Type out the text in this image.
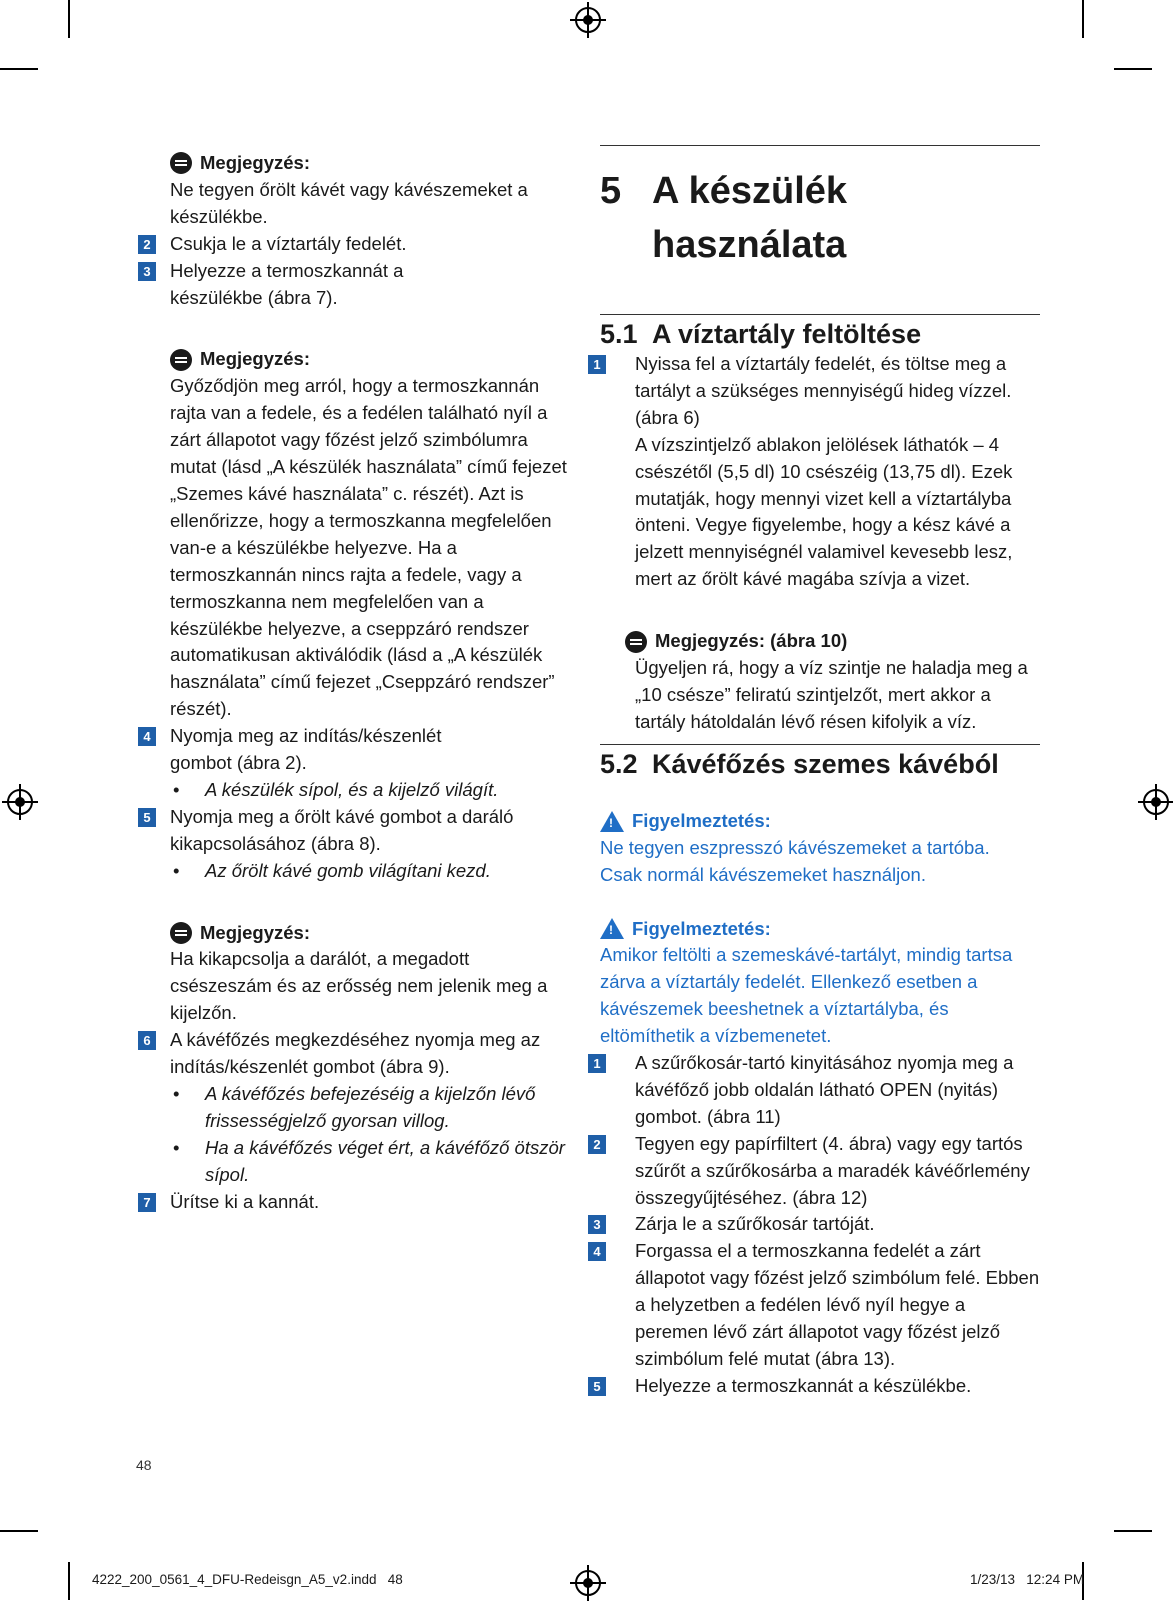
Megjegyzés:
Ne tegyen őrölt kávét vagy kávészemeket a készülékbe.
2 Csukja le a víztartály fedelét.
3 Helyezze a termoszkannát a készülékbe (ábra 7).
Megjegyzés:
Győződjön meg arról, hogy a termoszkannán rajta van a fedele, és a fedélen található nyíl a zárt állapotot vagy főzést jelző szimbólumra mutat (lásd „A készülék használata” című fejezet „Szemes kávé használata” c. részét). Azt is ellenőrizze, hogy a termoszkanna megfelelően van-e a készülékbe helyezve. Ha a termoszkannán nincs rajta a fedele, vagy a termoszkanna nem megfelelően van a készülékbe helyezve, a cseppzáró rendszer automatikusan aktiválódik (lásd a „A készülék használata” című fejezet „Cseppzáró rendszer” részét).
4 Nyomja meg az indítás/készenlét gombot (ábra 2).
• A készülék sípol, és a kijelző világít.
5 Nyomja meg a őrölt kávé gombot a daráló kikapcsolásához (ábra 8).
• Az őrölt kávé gomb világítani kezd.
Megjegyzés:
Ha kikapcsolja a darálót, a megadott csészeszám és az erősség nem jelenik meg a kijelzőn.
6 A kávéfőzés megkezdéséhez nyomja meg az indítás/készenlét gombot (ábra 9).
• A kávéfőzés befejezéséig a kijelzőn lévő frissességjelző gyorsan villog.
• Ha a kávéfőzés véget ért, a kávéfőző ötször sípol.
7 Ürítse ki a kannát.
5 A készülék
használata
5.1 A víztartály feltöltése
1 Nyissa fel a víztartály fedelét, és töltse meg a tartályt a szükséges mennyiségű hideg vízzel. (ábra 6)
A vízszintjelző ablakon jelölések láthatók – 4 csészétől (5,5 dl) 10 csészéig (13,75 dl). Ezek mutatják, hogy mennyi vizet kell a víztartályba önteni. Vegye figyelembe, hogy a kész kávé a jelzett mennyiségnél valamivel kevesebb lesz, mert az őrölt kávé magába szívja a vizet.
Megjegyzés: (ábra 10)
Ügyeljen rá, hogy a víz szintje ne haladja meg a „10 csésze” feliratú szintjelzőt, mert akkor a tartály hátoldalán lévő résen kifolyik a víz.
5.2 Kávéfőzés szemes kávéból
! Figyelmeztetés:
Ne tegyen eszpresszó kávészemeket a tartóba. Csak normál kávészemeket használjon.
! Figyelmeztetés:
Amikor feltölti a szemeskávé-tartályt, mindig tartsa zárva a víztartály fedelét. Ellenkező esetben a kávészemek beeshetnek a víztartályba, és eltömíthetik a vízbemenetet.
1 A szűrőkosár-tartó kinyitásához nyomja meg a kávéfőző jobb oldalán látható OPEN (nyitás) gombot. (ábra 11)
2 Tegyen egy papírfiltert (4. ábra) vagy egy tartós szűrőt a szűrőkosárba a maradék kávéőrlemény összegyűjtéséhez. (ábra 12)
3 Zárja le a szűrőkosár tartóját.
4 Forgassa el a termoszkanna fedelét a zárt állapotot vagy főzést jelző szimbólum felé. Ebben a helyzetben a fedélen lévő nyíl hegye a peremen lévő zárt állapotot vagy főzést jelző szimbólum felé mutat (ábra 13).
5 Helyezze a termoszkannát a készülékbe.
48
4222_200_0561_4_DFU-Redeisgn_A5_v2.indd   48	1/23/13   12:24 PM
